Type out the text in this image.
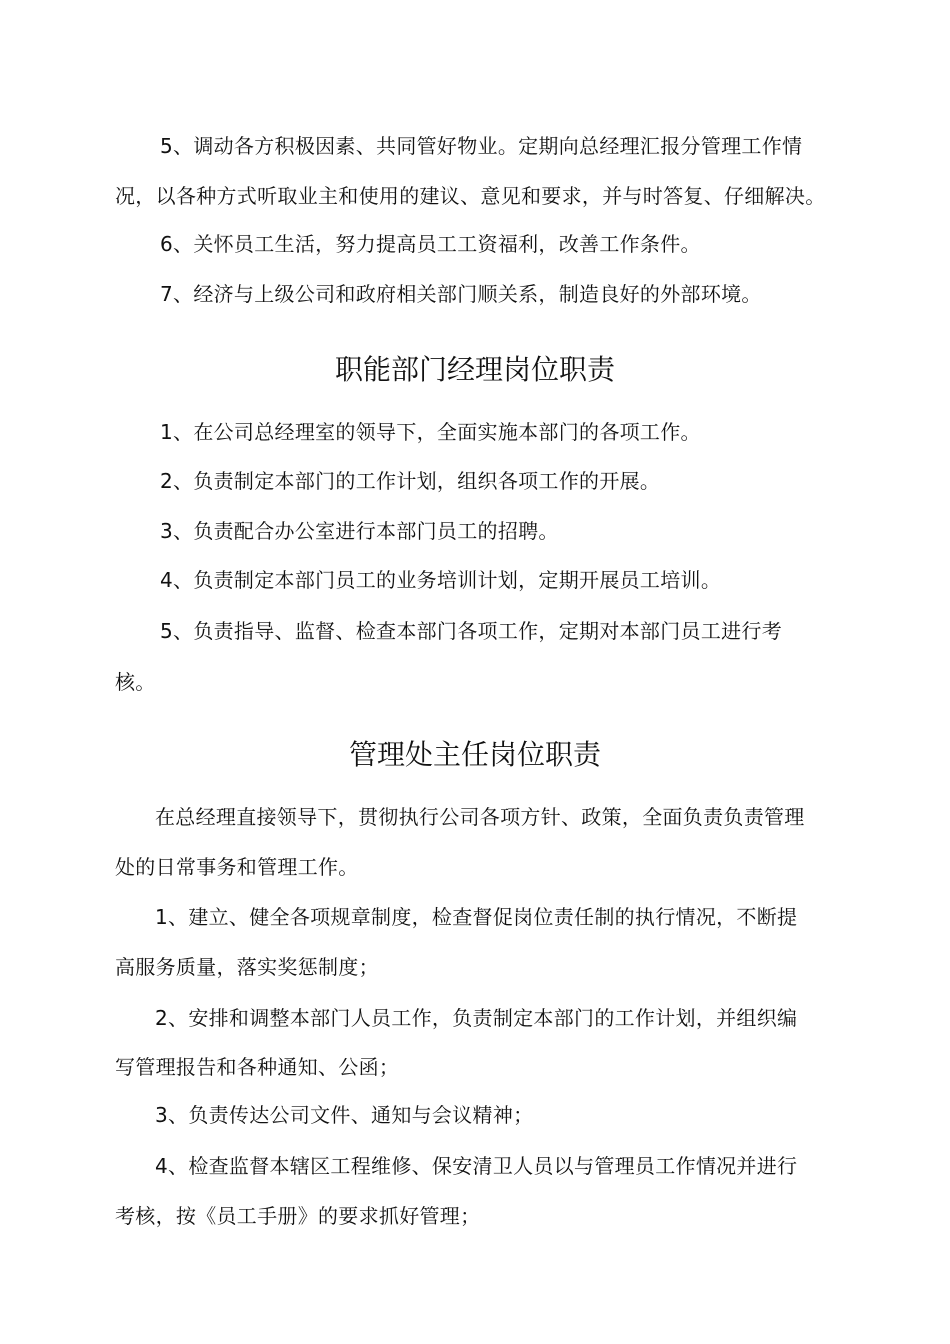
5、调动各方积极因素、共同管好物业。定期向总经理汇报分管理工作情
况，以各种方式听取业主和使用的建议、意见和要求，并与时答复、仔细解决。
6、关怀员工生活，努力提高员工工资福利，改善工作条件。
7、经济与上级公司和政府相关部门顺关系，制造良好的外部环境。
职能部门经理岗位职责
1、在公司总经理室的领导下，全面实施本部门的各项工作。
2、负责制定本部门的工作计划，组织各项工作的开展。
3、负责配合办公室进行本部门员工的招聘。
4、负责制定本部门员工的业务培训计划，定期开展员工培训。
5、负责指导、监督、检查本部门各项工作，定期对本部门员工进行考
核。
管理处主任岗位职责
在总经理直接领导下，贯彻执行公司各项方针、政策，全面负责负责管理
处的日常事务和管理工作。
1、建立、健全各项规章制度，检查督促岗位责任制的执行情况，不断提
高服务质量，落实奖惩制度；
2、安排和调整本部门人员工作，负责制定本部门的工作计划，并组织编
写管理报告和各种通知、公函；
3、负责传达公司文件、通知与会议精神；
4、检查监督本辖区工程维修、保安清卫人员以与管理员工作情况并进行
考核，按《员工手册》的要求抓好管理；
